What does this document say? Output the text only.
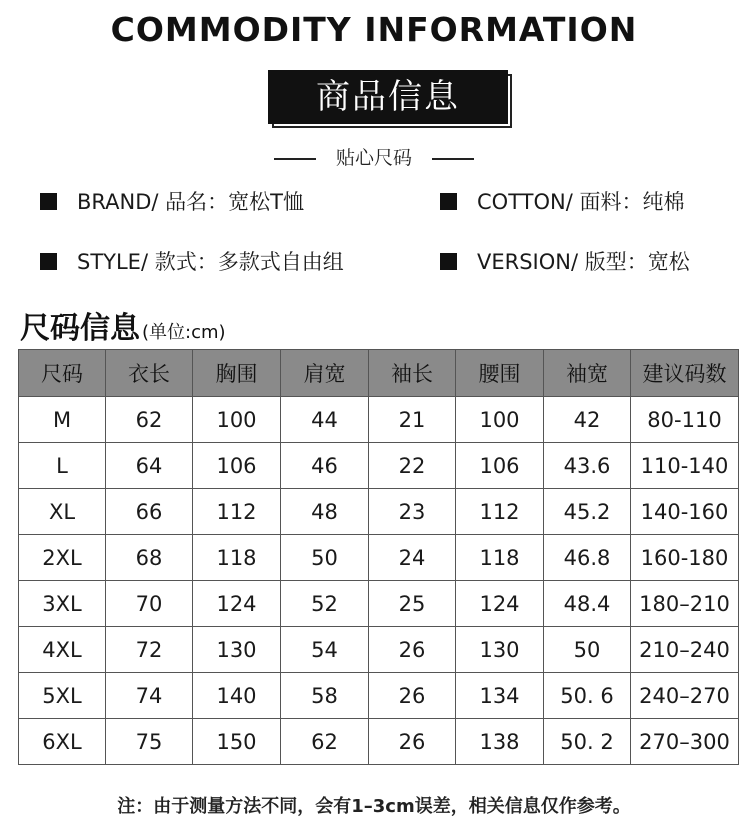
COMMODITY INFORMATION
商品信息
贴心尺码
BRAND/ 品名：宽松T恤	COTTON/ 面料：纯棉
STYLE/ 款式：多款式自由组	VERSION/ 版型：宽松
尺码信息 (单位:cm)
尺码	衣长	胸围	肩宽	袖长	腰围	袖宽	建议码数
M	62	100	44	21	100	42	80-110
L	64	106	46	22	106	43.6	110-140
XL	66	112	48	23	112	45.2	140-160
2XL	68	118	50	24	118	46.8	160-180
3XL	70	124	52	25	124	48.4	180–210
4XL	72	130	54	26	130	50	210–240
5XL	74	140	58	26	134	50. 6	240–270
6XL	75	150	62	26	138	50. 2	270–300
注：由于测量方法不同，会有1–3cm误差，相关信息仅作参考。
